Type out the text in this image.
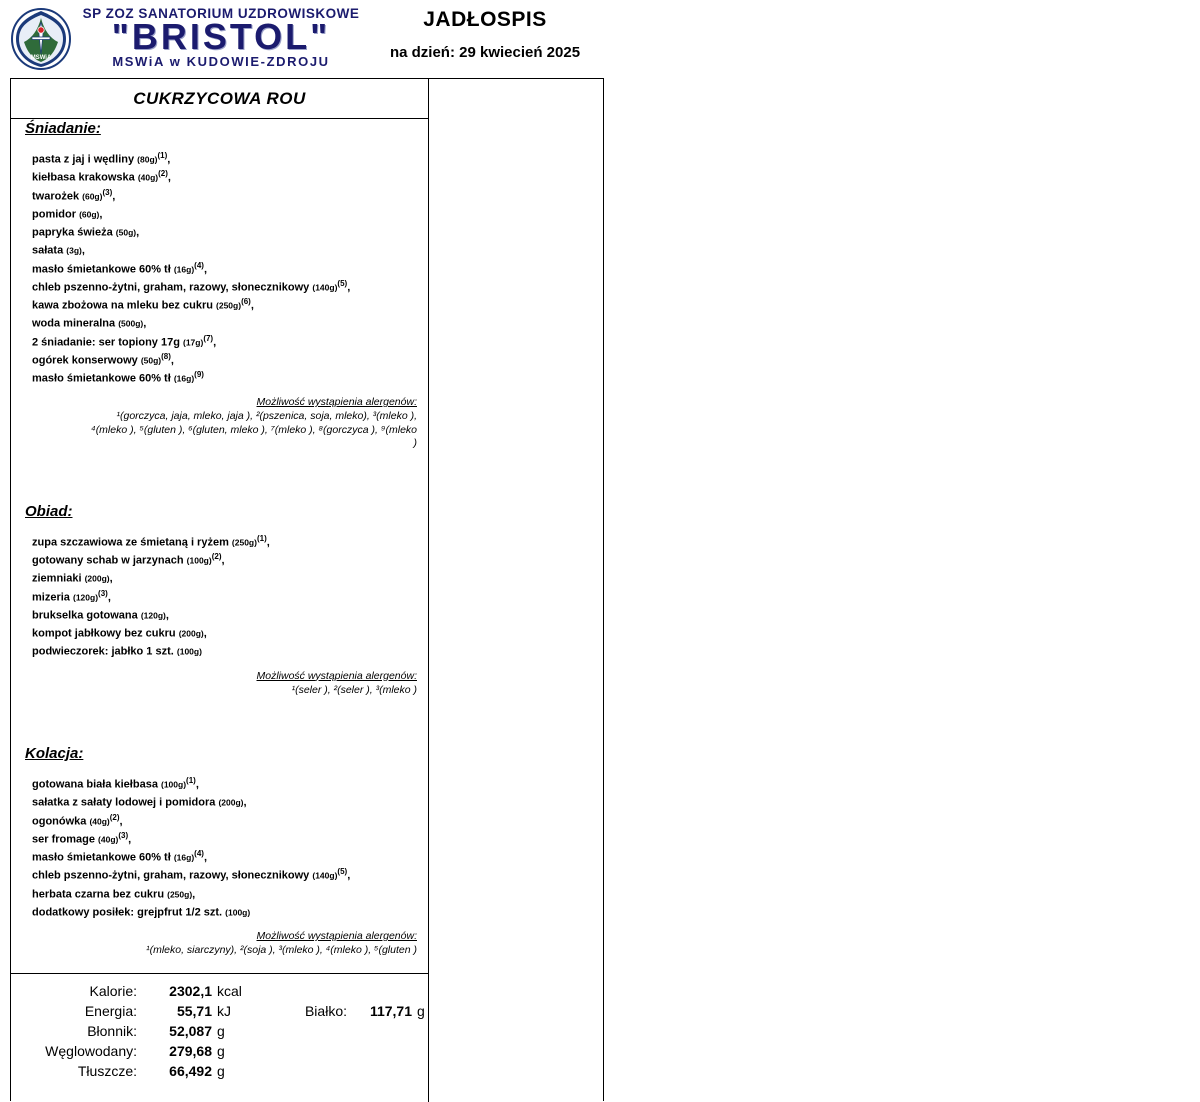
MSWiA
SP ZOZ SANATORIUM UZDROWISKOWE
"BRISTOL"
MSWiA w KUDOWIE-ZDROJU
JADŁOSPIS
na dzień: 29 kwiecień 2025
CUKRZYCOWA ROU
Śniadanie:
pasta z jaj i wędliny $(80g)^{(1)}$,
kiełbasa krakowska $(40g)^{(2)}$,
twarożek $(60g)^{(3)}$,
pomidor (60g),
papryka świeża (50g),
sałata (3g),
masło śmietankowe 60% tł $(16g)^{(4)}$,
chleb pszenno-żytni, graham, razowy, słonecznikowy $(140g)^{(5)}$,
kawa zbożowa na mleku bez cukru $(250g)^{(6)}$,
woda mineralna (500g),
2 śniadanie: ser topiony 17g $(17g)^{(7)}$,
ogórek konserwowy $(50g)^{(8)}$,
masło śmietankowe 60% tł $(16g)^{(9)}$
Możliwość wystąpienia alergenów:
¹(gorczyca, jaja, mleko, jaja ), ²(pszenica, soja, mleko), ³(mleko ),
⁴(mleko ), ⁵(gluten ), ⁶(gluten, mleko ), ⁷(mleko ), ⁸(gorczyca ), ⁹(mleko
)
Obiad:
zupa szczawiowa ze śmietaną i ryżem $(250g)^{(1)}$,
gotowany schab w jarzynach $(100g)^{(2)}$,
ziemniaki (200g),
mizeria $(120g)^{(3)}$,
brukselka gotowana (120g),
kompot jabłkowy bez cukru (200g),
podwieczorek: jabłko 1 szt. (100g)
Możliwość wystąpienia alergenów:
¹(seler ), ²(seler ), ³(mleko )
Kolacja:
gotowana biała kiełbasa $(100g)^{(1)}$,
sałatka z sałaty lodowej i pomidora (200g),
ogonówka $(40g)^{(2)}$,
ser fromage $(40g)^{(3)}$,
masło śmietankowe 60% tł $(16g)^{(4)}$,
chleb pszenno-żytni, graham, razowy, słonecznikowy $(140g)^{(5)}$,
herbata czarna bez cukru (250g),
dodatkowy posiłek: grejpfrut 1/2 szt. (100g)
Możliwość wystąpienia alergenów:
¹(mleko, siarczyny), ²(soja ), ³(mleko ), ⁴(mleko ), ⁵(gluten )
Kalorie:	2302,1 kcal
Energia:	55,71 kJ	Białko:	117,71 g
Błonnik:	52,087 g
Węglowodany:	279,68 g
Tłuszcze:	66,492 g
